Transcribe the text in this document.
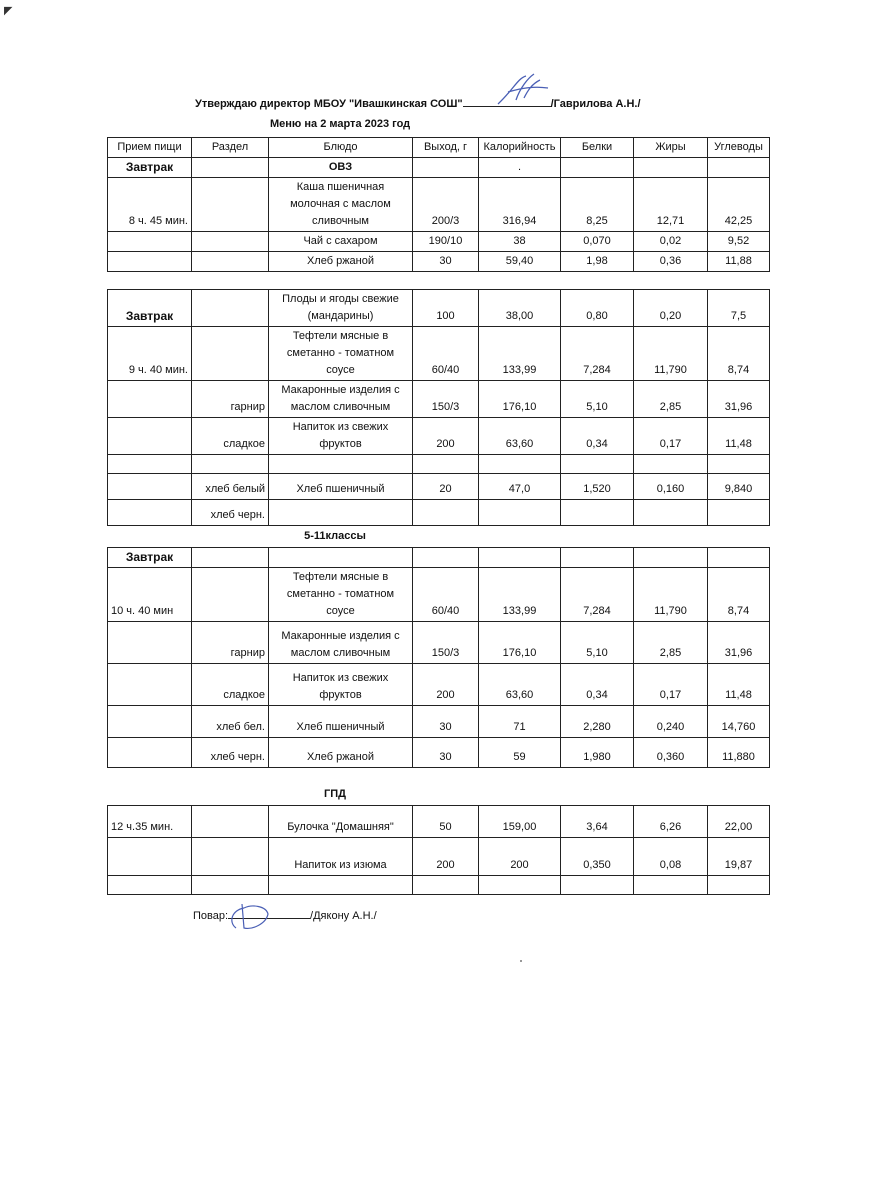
◤
Утверждаю директор МБОУ "Ивашкинская СОШ"	/Гаврилова А.Н./
Меню на 2 марта 2023 год
Прием пищи	Раздел	Блюдо	Выход, г	Калорийность	Белки	Жиры	Углеводы
Завтрак		ОВЗ		.			
8 ч. 45 мин.		Каша пшеничная молочная с маслом сливочным	200/3	316,94	8,25	12,71	42,25
		Чай с сахаром	190/10	38	0,070	0,02	9,52
		Хлеб ржаной	30	59,40	1,98	0,36	11,88
Завтрак		Плоды и ягоды свежие (мандарины)	100	38,00	0,80	0,20	7,5
9 ч. 40 мин.		Тефтели мясные в сметанно - томатном соусе	60/40	133,99	7,284	11,790	8,74
	гарнир	Макаронные изделия с маслом сливочным	150/3	176,10	5,10	2,85	31,96
	сладкое	Напиток из свежих фруктов	200	63,60	0,34	0,17	11,48

	хлеб белый	Хлеб пшеничный	20	47,0	1,520	0,160	9,840
	хлеб черн.						
5-11классы
Завтрак							
10 ч. 40 мин		Тефтели мясные в сметанно - томатном соусе	60/40	133,99	7,284	11,790	8,74
	гарнир	Макаронные изделия с маслом сливочным	150/3	176,10	5,10	2,85	31,96
	сладкое	Напиток из свежих фруктов	200	63,60	0,34	0,17	11,48
	хлеб бел.	Хлеб пшеничный	30	71	2,280	0,240	14,760
	хлеб черн.	Хлеб ржаной	30	59	1,980	0,360	11,880
ГПД
12 ч.35 мин.		Булочка "Домашняя"	50	159,00	3,64	6,26	22,00
		Напиток из изюма	200	200	0,350	0,08	19,87

Повар:	/Дякону А.Н./
